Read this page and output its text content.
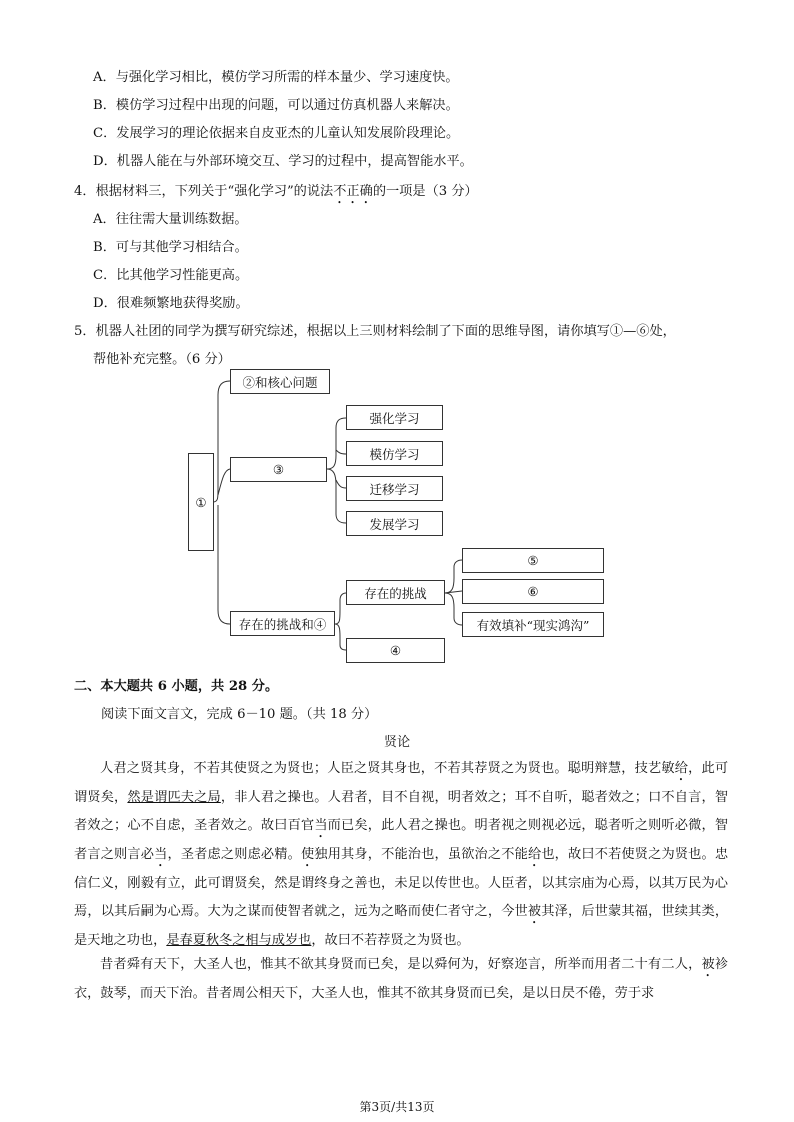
A．与强化学习相比，模仿学习所需的样本量少、学习速度快。
B．模仿学习过程中出现的问题，可以通过仿真机器人来解决。
C．发展学习的理论依据来自皮亚杰的儿童认知发展阶段理论。
D．机器人能在与外部环境交互、学习的过程中，提高智能水平。
4．根据材料三，下列关于“强化学习”的说法不正确的一项是（3 分）
A．往往需大量训练数据。
B．可与其他学习相结合。
C．比其他学习性能更高。
D．很难频繁地获得奖励。
5．机器人社团的同学为撰写研究综述，根据以上三则材料绘制了下面的思维导图，请你填写①—⑥处，
帮他补充完整。（6 分）
①
②和核心问题
③
强化学习
模仿学习
迁移学习
发展学习
存在的挑战和④
存在的挑战
④
⑤
⑥
有效填补“现实鸿沟”
二、本大题共 6 小题，共 28 分。
阅读下面文言文，完成 6－10 题。（共 18 分）
贤论
人君之贤其身，不若其使贤之为贤也；人臣之贤其身也，不若其荐贤之为贤也。聪明辩慧，技艺敏给，此可谓贤矣，然是谓匹夫之局，非人君之操也。人君者，目不自视，明者效之；耳不自听，聪者效之；口不自言，智者效之；心不自虑，圣者效之。故曰百官当而已矣，此人君之操也。明者视之则视必远，聪者听之则听必微，智者言之则言必当，圣者虑之则虑必精。使独用其身，不能治也，虽欲治之不能给也，故曰不若使贤之为贤也。忠信仁义，刚毅有立，此可谓贤矣，然是谓终身之善也，未足以传世也。人臣者，以其宗庙为心焉，以其万民为心焉，以其后嗣为心焉。大为之谋而使智者就之，远为之略而使仁者守之，今世被其泽，后世蒙其福，世续其类，是天地之功也，是春夏秋冬之相与成岁也，故曰不若荐贤之为贤也。
昔者舜有天下，大圣人也，惟其不欲其身贤而已矣，是以舜何为，好察迩言，所举而用者二十有二人，被袗衣，鼓琴，而天下治。昔者周公相天下，大圣人也，惟其不欲其身贤而已矣，是以日昃不倦，劳于求
第3页/共13页
